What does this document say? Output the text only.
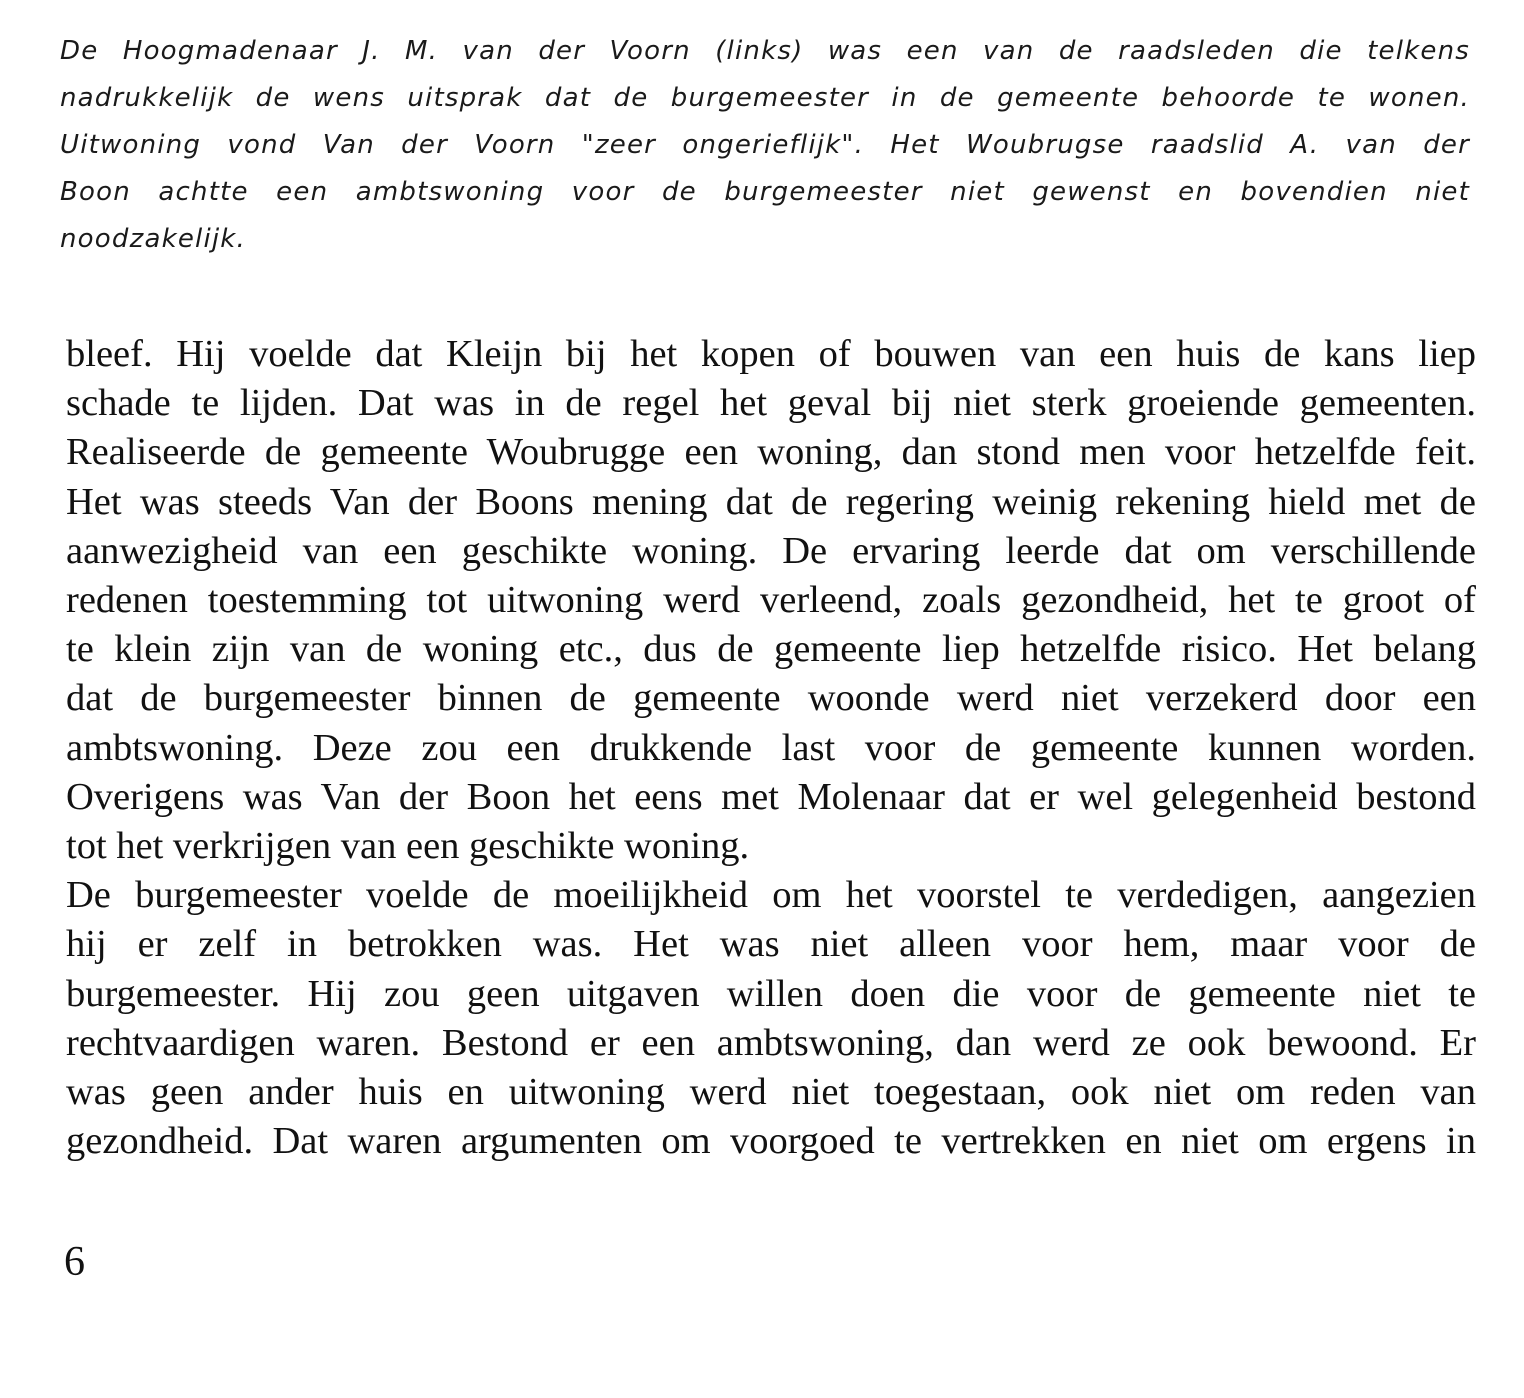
De Hoogmadenaar J. M. van der Voorn (links) was een van de raadsleden die telkens
nadrukkelijk de wens uitsprak dat de burgemeester in de gemeente behoorde te wonen.
Uitwoning vond Van der Voorn "zeer ongerieflijk". Het Woubrugse raadslid A. van der
Boon achtte een ambtswoning voor de burgemeester niet gewenst en bovendien niet
noodzakelijk.
bleef. Hij voelde dat Kleijn bij het kopen of bouwen van een huis de kans liep
schade te lijden. Dat was in de regel het geval bij niet sterk groeiende gemeenten.
Realiseerde de gemeente Woubrugge een woning, dan stond men voor hetzelfde feit.
Het was steeds Van der Boons mening dat de regering weinig rekening hield met de
aanwezigheid van een geschikte woning. De ervaring leerde dat om verschillende
redenen toestemming tot uitwoning werd verleend, zoals gezondheid, het te groot of
te klein zijn van de woning etc., dus de gemeente liep hetzelfde risico. Het belang
dat de burgemeester binnen de gemeente woonde werd niet verzekerd door een
ambtswoning. Deze zou een drukkende last voor de gemeente kunnen worden.
Overigens was Van der Boon het eens met Molenaar dat er wel gelegenheid bestond
tot het verkrijgen van een geschikte woning.
De burgemeester voelde de moeilijkheid om het voorstel te verdedigen, aangezien
hij er zelf in betrokken was. Het was niet alleen voor hem, maar voor de
burgemeester. Hij zou geen uitgaven willen doen die voor de gemeente niet te
rechtvaardigen waren. Bestond er een ambtswoning, dan werd ze ook bewoond. Er
was geen ander huis en uitwoning werd niet toegestaan, ook niet om reden van
gezondheid. Dat waren argumenten om voorgoed te vertrekken en niet om ergens in
6
